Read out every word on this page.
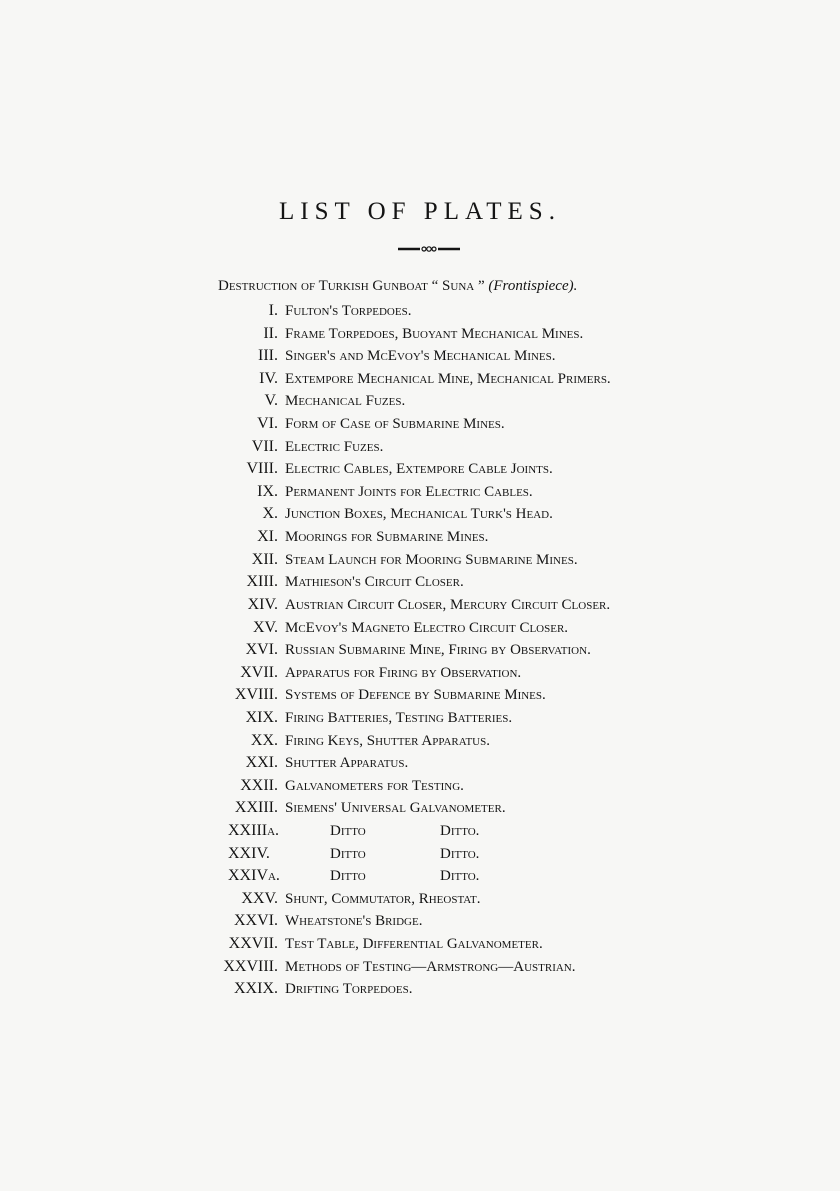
LIST OF PLATES.
Destruction of Turkish Gunboat “ Suna ” (Frontispiece).
I. Fulton's Torpedoes.
II. Frame Torpedoes, Buoyant Mechanical Mines.
III. Singer's and McEvoy's Mechanical Mines.
IV. Extempore Mechanical Mine, Mechanical Primers.
V. Mechanical Fuzes.
VI. Form of Case of Submarine Mines.
VII. Electric Fuzes.
VIII. Electric Cables, Extempore Cable Joints.
IX. Permanent Joints for Electric Cables.
X. Junction Boxes, Mechanical Turk's Head.
XI. Moorings for Submarine Mines.
XII. Steam Launch for Mooring Submarine Mines.
XIII. Mathieson's Circuit Closer.
XIV. Austrian Circuit Closer, Mercury Circuit Closer.
XV. McEvoy's Magneto Electro Circuit Closer.
XVI. Russian Submarine Mine, Firing by Observation.
XVII. Apparatus for Firing by Observation.
XVIII. Systems of Defence by Submarine Mines.
XIX. Firing Batteries, Testing Batteries.
XX. Firing Keys, Shutter Apparatus.
XXI. Shutter Apparatus.
XXII. Galvanometers for Testing.
XXIII. Siemens' Universal Galvanometer.
XXIIIa.	Ditto	Ditto.
XXIV.	Ditto	Ditto.
XXIVa.	Ditto	Ditto.
XXV. Shunt, Commutator, Rheostat.
XXVI. Wheatstone's Bridge.
XXVII. Test Table, Differential Galvanometer.
XXVIII. Methods of Testing—Armstrong—Austrian.
XXIX. Drifting Torpedoes.
